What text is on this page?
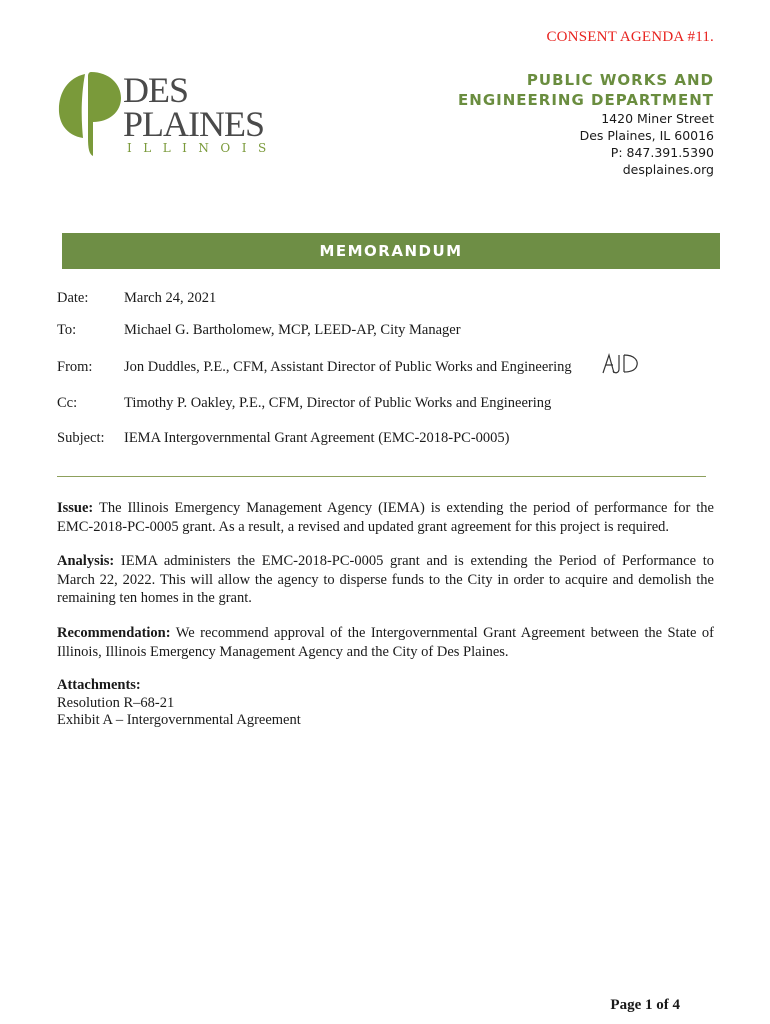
CONSENT AGENDA #11.
DES
PLAINES
ILLINOIS
PUBLIC WORKS AND
ENGINEERING DEPARTMENT
1420 Miner Street
Des Plaines, IL 60016
P: 847.391.5390
desplaines.org
MEMORANDUM
Date: March 24, 2021
To:	Michael G. Bartholomew, MCP, LEED-AP, City Manager
From: Jon Duddles, P.E., CFM, Assistant Director of Public Works and Engineering
Cc:	Timothy P. Oakley, P.E., CFM, Director of Public Works and Engineering
Subject: IEMA Intergovernmental Grant Agreement (EMC-2018-PC-0005)
Issue: The Illinois Emergency Management Agency (IEMA) is extending the period of performance for the EMC-2018-PC-0005 grant. As a result, a revised and updated grant agreement for this project is required.
Analysis: IEMA administers the EMC-2018-PC-0005 grant and is extending the Period of Performance to March 22, 2022. This will allow the agency to disperse funds to the City in order to acquire and demolish the remaining ten homes in the grant.
Recommendation: We recommend approval of the Intergovernmental Grant Agreement between the State of Illinois, Illinois Emergency Management Agency and the City of Des Plaines.
Attachments:
Resolution R–68-21
Exhibit A – Intergovernmental Agreement
Page 1 of 4
